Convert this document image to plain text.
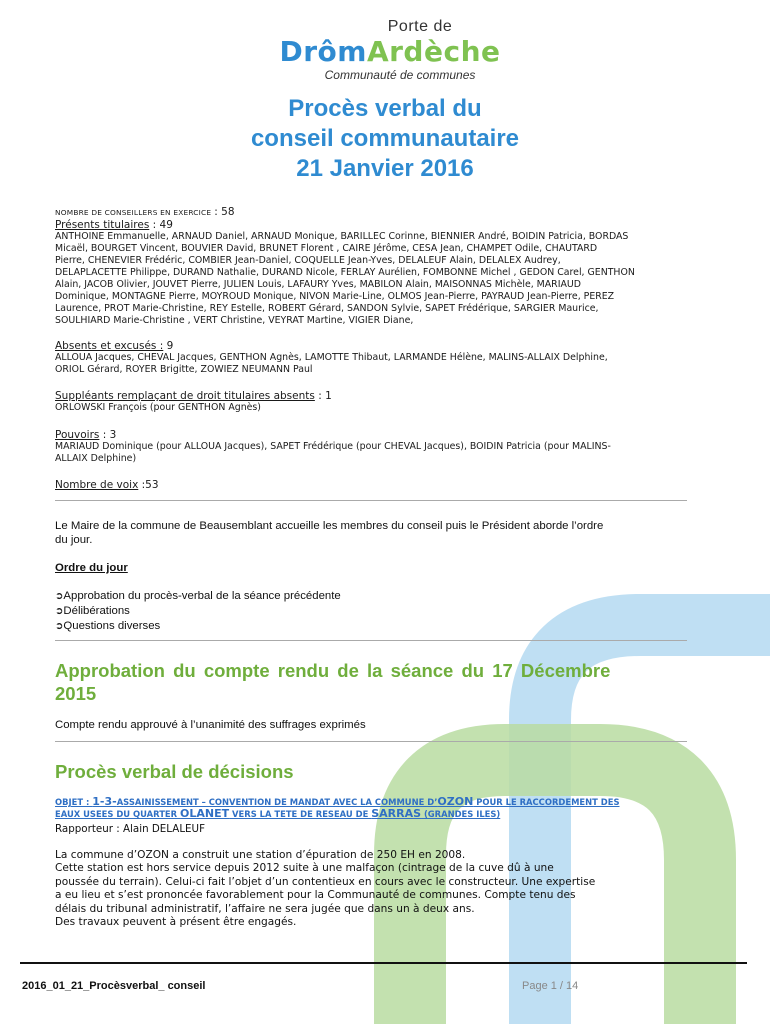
Porte de
DrômArdèche
Communauté de communes
Procès verbal du
conseil communautaire
21 Janvier 2016
NOMBRE DE CONSEILLERS EN EXERCICE : 58
Présents titulaires : 49
ANTHOINE Emmanuelle, ARNAUD Daniel, ARNAUD Monique, BARILLEC Corinne, BIENNIER André, BOIDIN Patricia, BORDAS
Micaël, BOURGET Vincent, BOUVIER David, BRUNET Florent , CAIRE Jérôme, CESA Jean, CHAMPET Odile, CHAUTARD
Pierre, CHENEVIER Frédéric, COMBIER Jean-Daniel, COQUELLE Jean-Yves, DELALEUF Alain, DELALEX Audrey,
DELAPLACETTE Philippe, DURAND Nathalie, DURAND Nicole, FERLAY Aurélien, FOMBONNE Michel , GEDON Carel, GENTHON
Alain, JACOB Olivier, JOUVET Pierre, JULIEN Louis, LAFAURY Yves, MABILON Alain, MAISONNAS Michèle, MARIAUD
Dominique, MONTAGNE Pierre, MOYROUD Monique, NIVON Marie-Line, OLMOS Jean-Pierre, PAYRAUD Jean-Pierre, PEREZ
Laurence, PROT Marie-Christine, REY Estelle, ROBERT Gérard, SANDON Sylvie, SAPET Frédérique, SARGIER Maurice,
SOULHIARD Marie-Christine , VERT Christine, VEYRAT Martine, VIGIER Diane,
Absents et excusés : 9
ALLOUA Jacques, CHEVAL Jacques, GENTHON Agnès, LAMOTTE Thibaut, LARMANDE Hélène, MALINS-ALLAIX Delphine,
ORIOL Gérard, ROYER Brigitte, ZOWIEZ NEUMANN Paul
Suppléants remplaçant de droit titulaires absents : 1
ORLOWSKI François (pour GENTHON Agnès)
Pouvoirs : 3
MARIAUD Dominique (pour ALLOUA Jacques), SAPET Frédérique (pour CHEVAL Jacques), BOIDIN Patricia (pour MALINS-
ALLAIX Delphine)
Nombre de voix :53
Le Maire de la commune de Beausemblant accueille les membres du conseil puis le Président aborde l’ordre
du jour.
Ordre du jour
➲Approbation du procès-verbal de la séance précédente
➲Délibérations
➲Questions diverses
Approbation du compte rendu de la séance du 17 Décembre
2015
Compte rendu approuvé à l’unanimité des suffrages exprimés
Procès verbal de décisions
OBJET : 1-3-ASSAINISSEMENT – CONVENTION DE MANDAT AVEC LA COMMUNE D’OZON POUR LE RACCORDEMENT DES
EAUX USEES DU QUARTER OLANET VERS LA TETE DE RESEAU DE SARRAS (GRANDES ILES)
Rapporteur : Alain DELALEUF
La commune d’OZON a construit une station d’épuration de 250 EH en 2008.
Cette station est hors service depuis 2012 suite à une malfaçon (cintrage de la cuve dû à une
poussée du terrain). Celui-ci fait l’objet d’un contentieux en cours avec le constructeur. Une expertise
a eu lieu et s’est prononcée favorablement pour la Communauté de communes. Compte tenu des
délais du tribunal administratif, l’affaire ne sera jugée que dans un à deux ans.
Des travaux peuvent à présent être engagés.
2016_01_21_Procèsverbal_ conseil	Page 1 / 14
